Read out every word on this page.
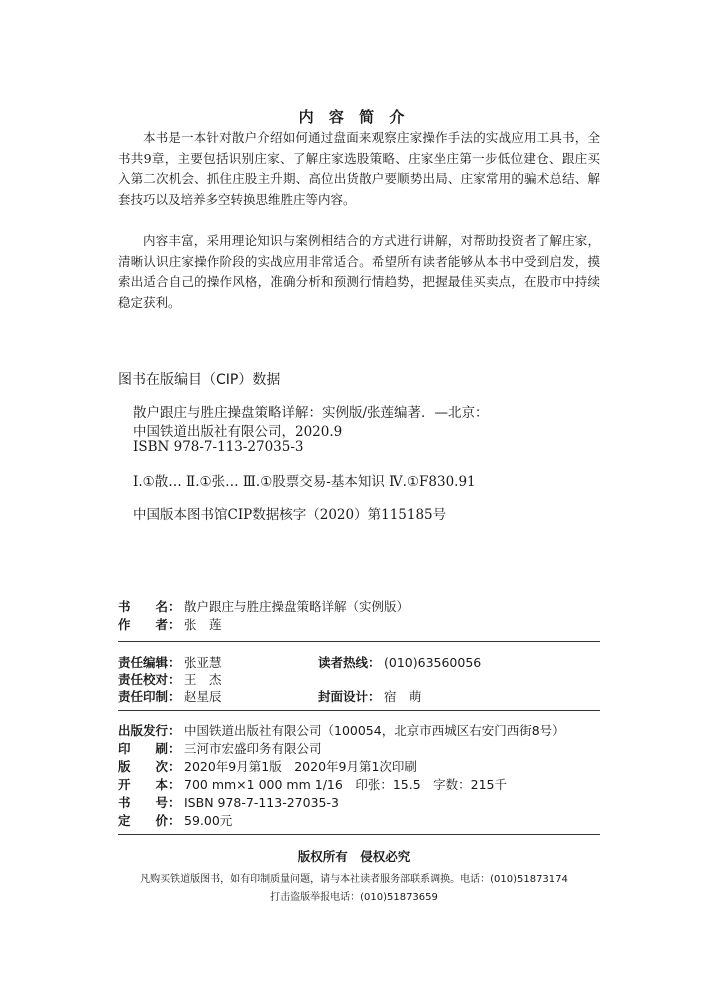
内 容 简 介
本书是一本针对散户介绍如何通过盘面来观察庄家操作手法的实战应用工具书，全书共9章，主要包括识别庄家、了解庄家选股策略、庄家坐庄第一步低位建仓、跟庄买入第二次机会、抓住庄股主升期、高位出货散户要顺势出局、庄家常用的骗术总结、解套技巧以及培养多空转换思维胜庄等内容。
内容丰富，采用理论知识与案例相结合的方式进行讲解，对帮助投资者了解庄家，清晰认识庄家操作阶段的实战应用非常适合。希望所有读者能够从本书中受到启发，摸索出适合自己的操作风格，准确分析和预测行情趋势，把握最佳买卖点，在股市中持续稳定获利。
图书在版编目（CIP）数据
散户跟庄与胜庄操盘策略详解：实例版/张莲编著．—北京：
中国铁道出版社有限公司，2020.9
ISBN 978-7-113-27035-3
Ⅰ.①散… Ⅱ.①张… Ⅲ.①股票交易-基本知识 Ⅳ.①F830.91
中国版本图书馆CIP数据核字（2020）第115185号
书　　名： 散户跟庄与胜庄操盘策略详解（实例版）
作　　者： 张　莲
责任编辑： 张亚慧	读者热线： (010)63560056
责任校对： 王　杰
责任印制： 赵星辰	封面设计： 宿　萌
出版发行： 中国铁道出版社有限公司（100054，北京市西城区右安门西街8号）
印　　刷： 三河市宏盛印务有限公司
版　　次： 2020年9月第1版　2020年9月第1次印刷
开　　本： 700 mm×1 000 mm 1/16　印张：15.5　字数：215千
书　　号： ISBN 978-7-113-27035-3
定　　价： 59.00元
版权所有　侵权必究
凡购买铁道版图书，如有印制质量问题，请与本社读者服务部联系调换。电话：(010)51873174
打击盗版举报电话：(010)51873659
